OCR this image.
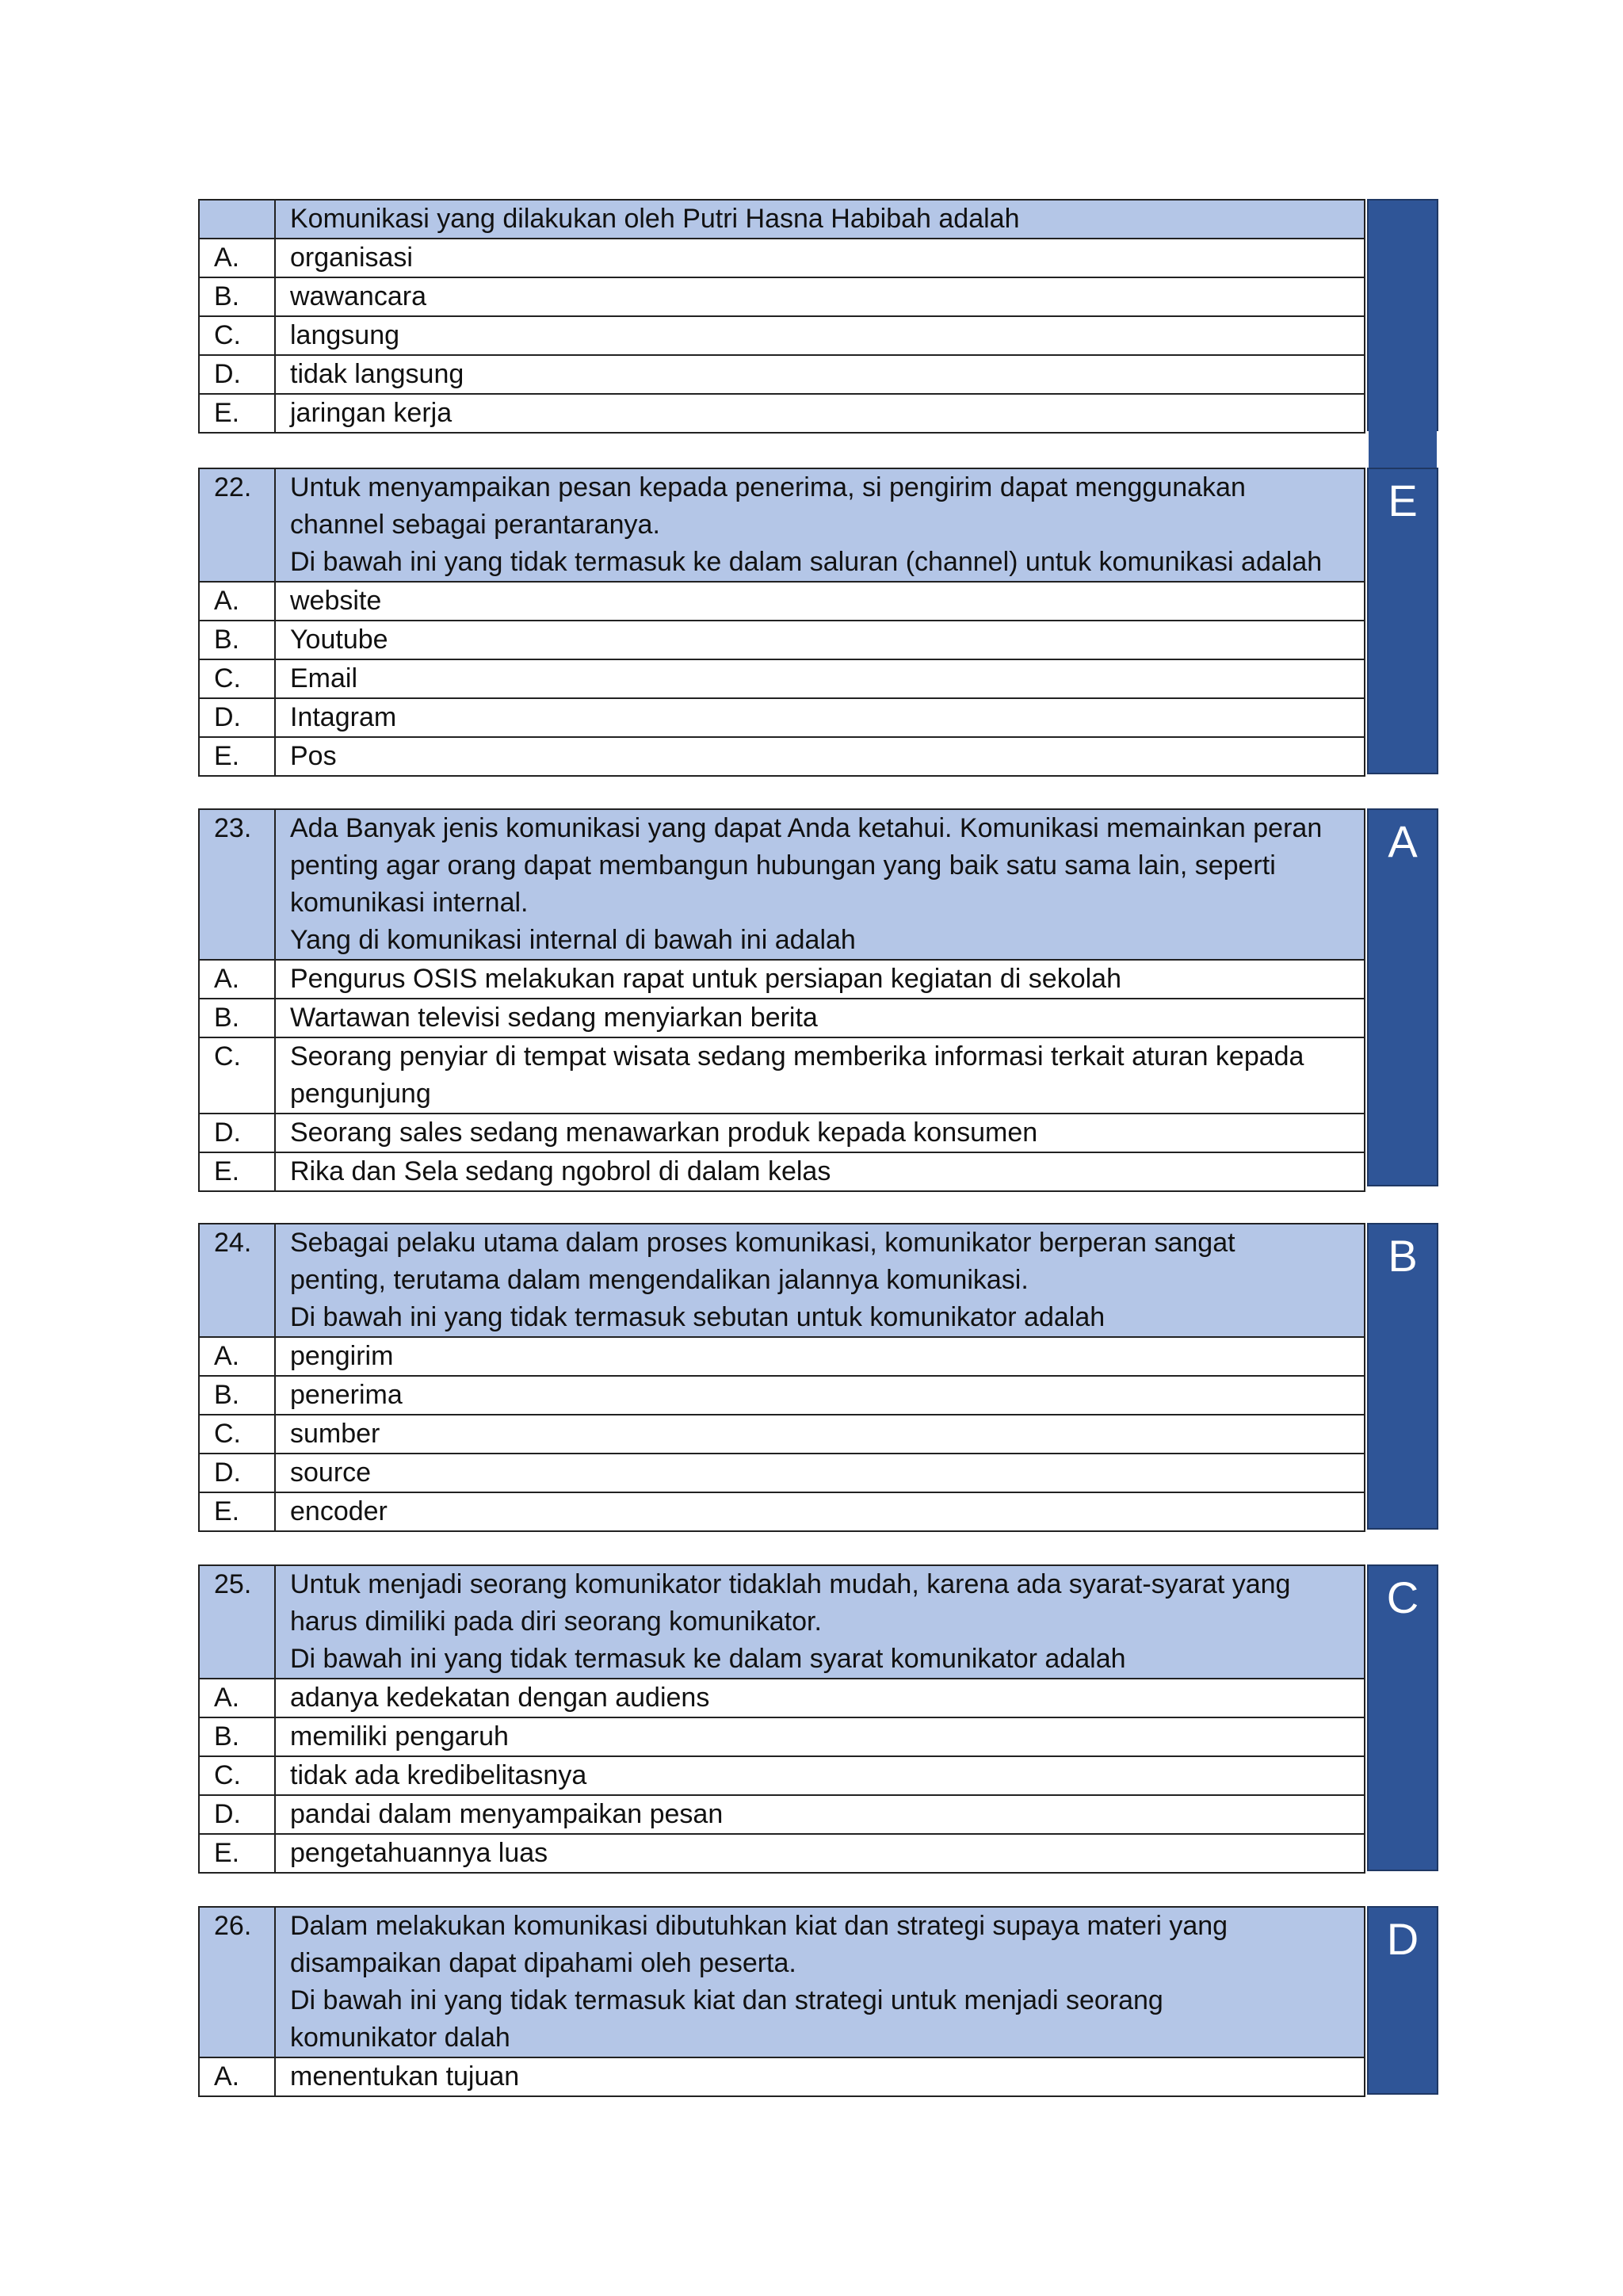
	Komunikasi yang dilakukan oleh Putri Hasna Habibah adalah

A.	organisasi
B.	wawancara
C.	langsung
D.	tidak langsung
E.	jaringan kerja
22.	Untuk menyampaikan pesan kepada penerima, si pengirim dapat menggunakan
channel sebagai perantaranya.
Di bawah ini yang tidak termasuk ke dalam saluran (channel) untuk komunikasi adalah

A.	website
B.	Youtube
C.	Email
D.	Intagram
E.	Pos
E
23.	Ada Banyak jenis komunikasi yang dapat Anda ketahui. Komunikasi memainkan peran
penting agar orang dapat membangun hubungan yang baik satu sama lain, seperti
komunikasi internal.
Yang di komunikasi internal di bawah ini adalah

A.	Pengurus OSIS melakukan rapat untuk persiapan kegiatan di sekolah
B.	Wartawan televisi sedang menyiarkan berita
C.	Seorang penyiar di tempat wisata sedang memberika informasi terkait aturan kepada
pengunjung

D.	Seorang sales sedang menawarkan produk kepada konsumen
E.	Rika dan Sela sedang ngobrol di dalam kelas
A
24.	Sebagai pelaku utama dalam proses komunikasi, komunikator berperan sangat
penting, terutama dalam mengendalikan jalannya komunikasi.
Di bawah ini yang tidak termasuk sebutan untuk komunikator adalah

A.	pengirim
B.	penerima
C.	sumber
D.	source
E.	encoder
B
25.	Untuk menjadi seorang komunikator tidaklah mudah, karena ada syarat-syarat yang
harus dimiliki pada diri seorang komunikator.
Di bawah ini yang tidak termasuk ke dalam syarat komunikator adalah

A.	adanya kedekatan dengan audiens
B.	memiliki pengaruh
C.	tidak ada kredibelitasnya
D.	pandai dalam menyampaikan pesan
E.	pengetahuannya luas
C
26.	Dalam melakukan komunikasi dibutuhkan kiat dan strategi supaya materi yang
disampaikan dapat dipahami oleh peserta.
Di bawah ini yang tidak termasuk kiat dan strategi untuk menjadi seorang
komunikator dalah

A.	menentukan tujuan
D
